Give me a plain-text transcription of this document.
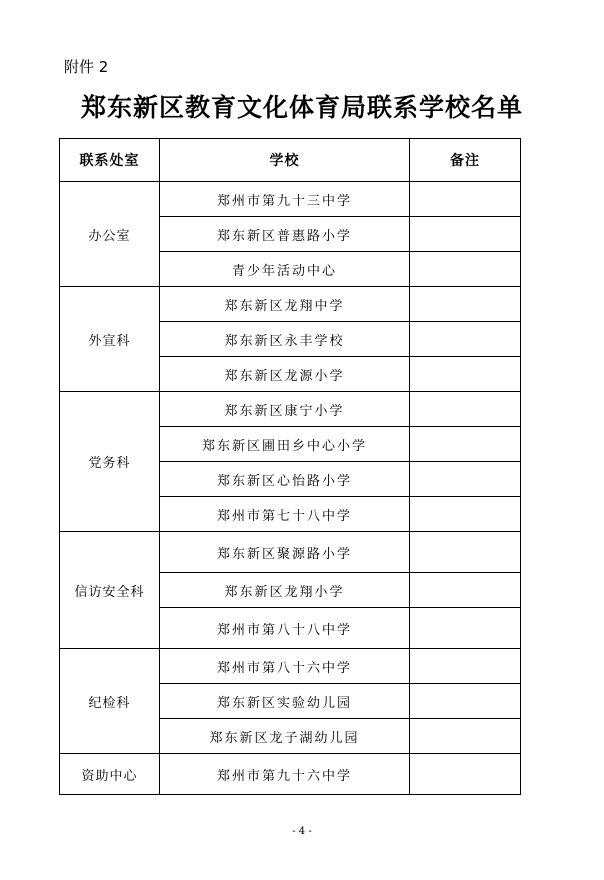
附件 2
郑东新区教育文化体育局联系学校名单
联系处室	学校	备注
办公室	郑州市第九十三中学	
	郑东新区普惠路小学	
	青少年活动中心	
外宣科	郑东新区龙翔中学	
	郑东新区永丰学校	
	郑东新区龙源小学	
党务科	郑东新区康宁小学	
	郑东新区圃田乡中心小学	
	郑东新区心怡路小学	
	郑州市第七十八中学	
信访安全科	郑东新区聚源路小学	
	郑东新区龙翔小学	
	郑州市第八十八中学	
纪检科	郑州市第八十六中学	
	郑东新区实验幼儿园	
	郑东新区龙子湖幼儿园	
资助中心	郑州市第九十六中学	
- 4 -
